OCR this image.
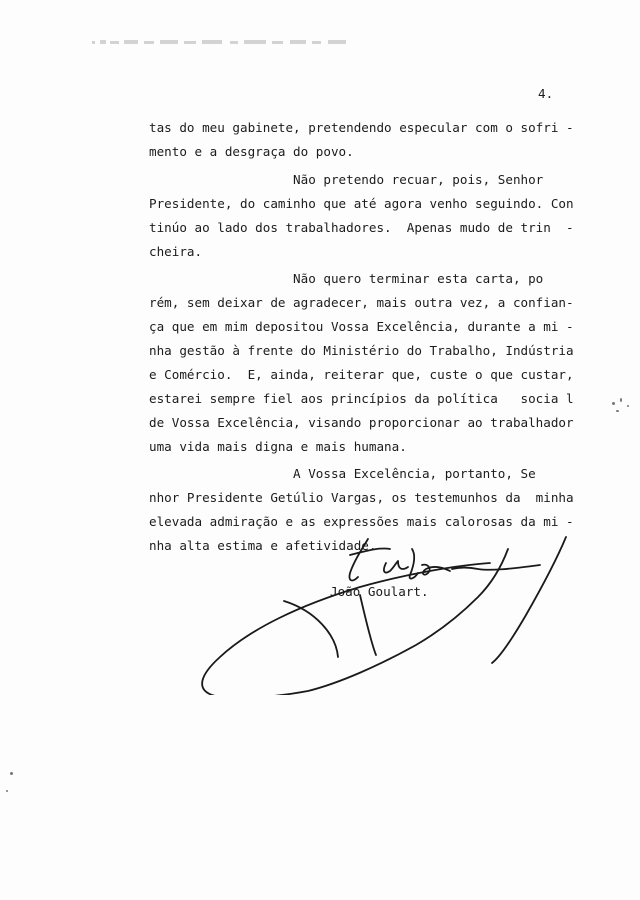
4.
tas do meu gabinete, pretendendo especular com o sofri -
mento e a desgraça do povo.
Não pretendo recuar, pois, Senhor
Presidente, do caminho que até agora venho seguindo. Con
tinúo ao lado dos trabalhadores.  Apenas mudo de trin  -
cheira.
Não quero terminar esta carta, po
rém, sem deixar de agradecer, mais outra vez, a confian-
ça que em mim depositou Vossa Excelência, durante a mi -
nha gestão à frente do Ministério do Trabalho, Indústria
e Comércio.  E, ainda, reiterar que, custe o que custar,
estarei sempre fiel aos princípios da política   socia l
de Vossa Excelência, visando proporcionar ao trabalhador
uma vida mais digna e mais humana.
A Vossa Excelência, portanto, Se
nhor Presidente Getúlio Vargas, os testemunhos da  minha
elevada admiração e as expressões mais calorosas da mi -
nha alta estima e afetividade.
João Goulart.
